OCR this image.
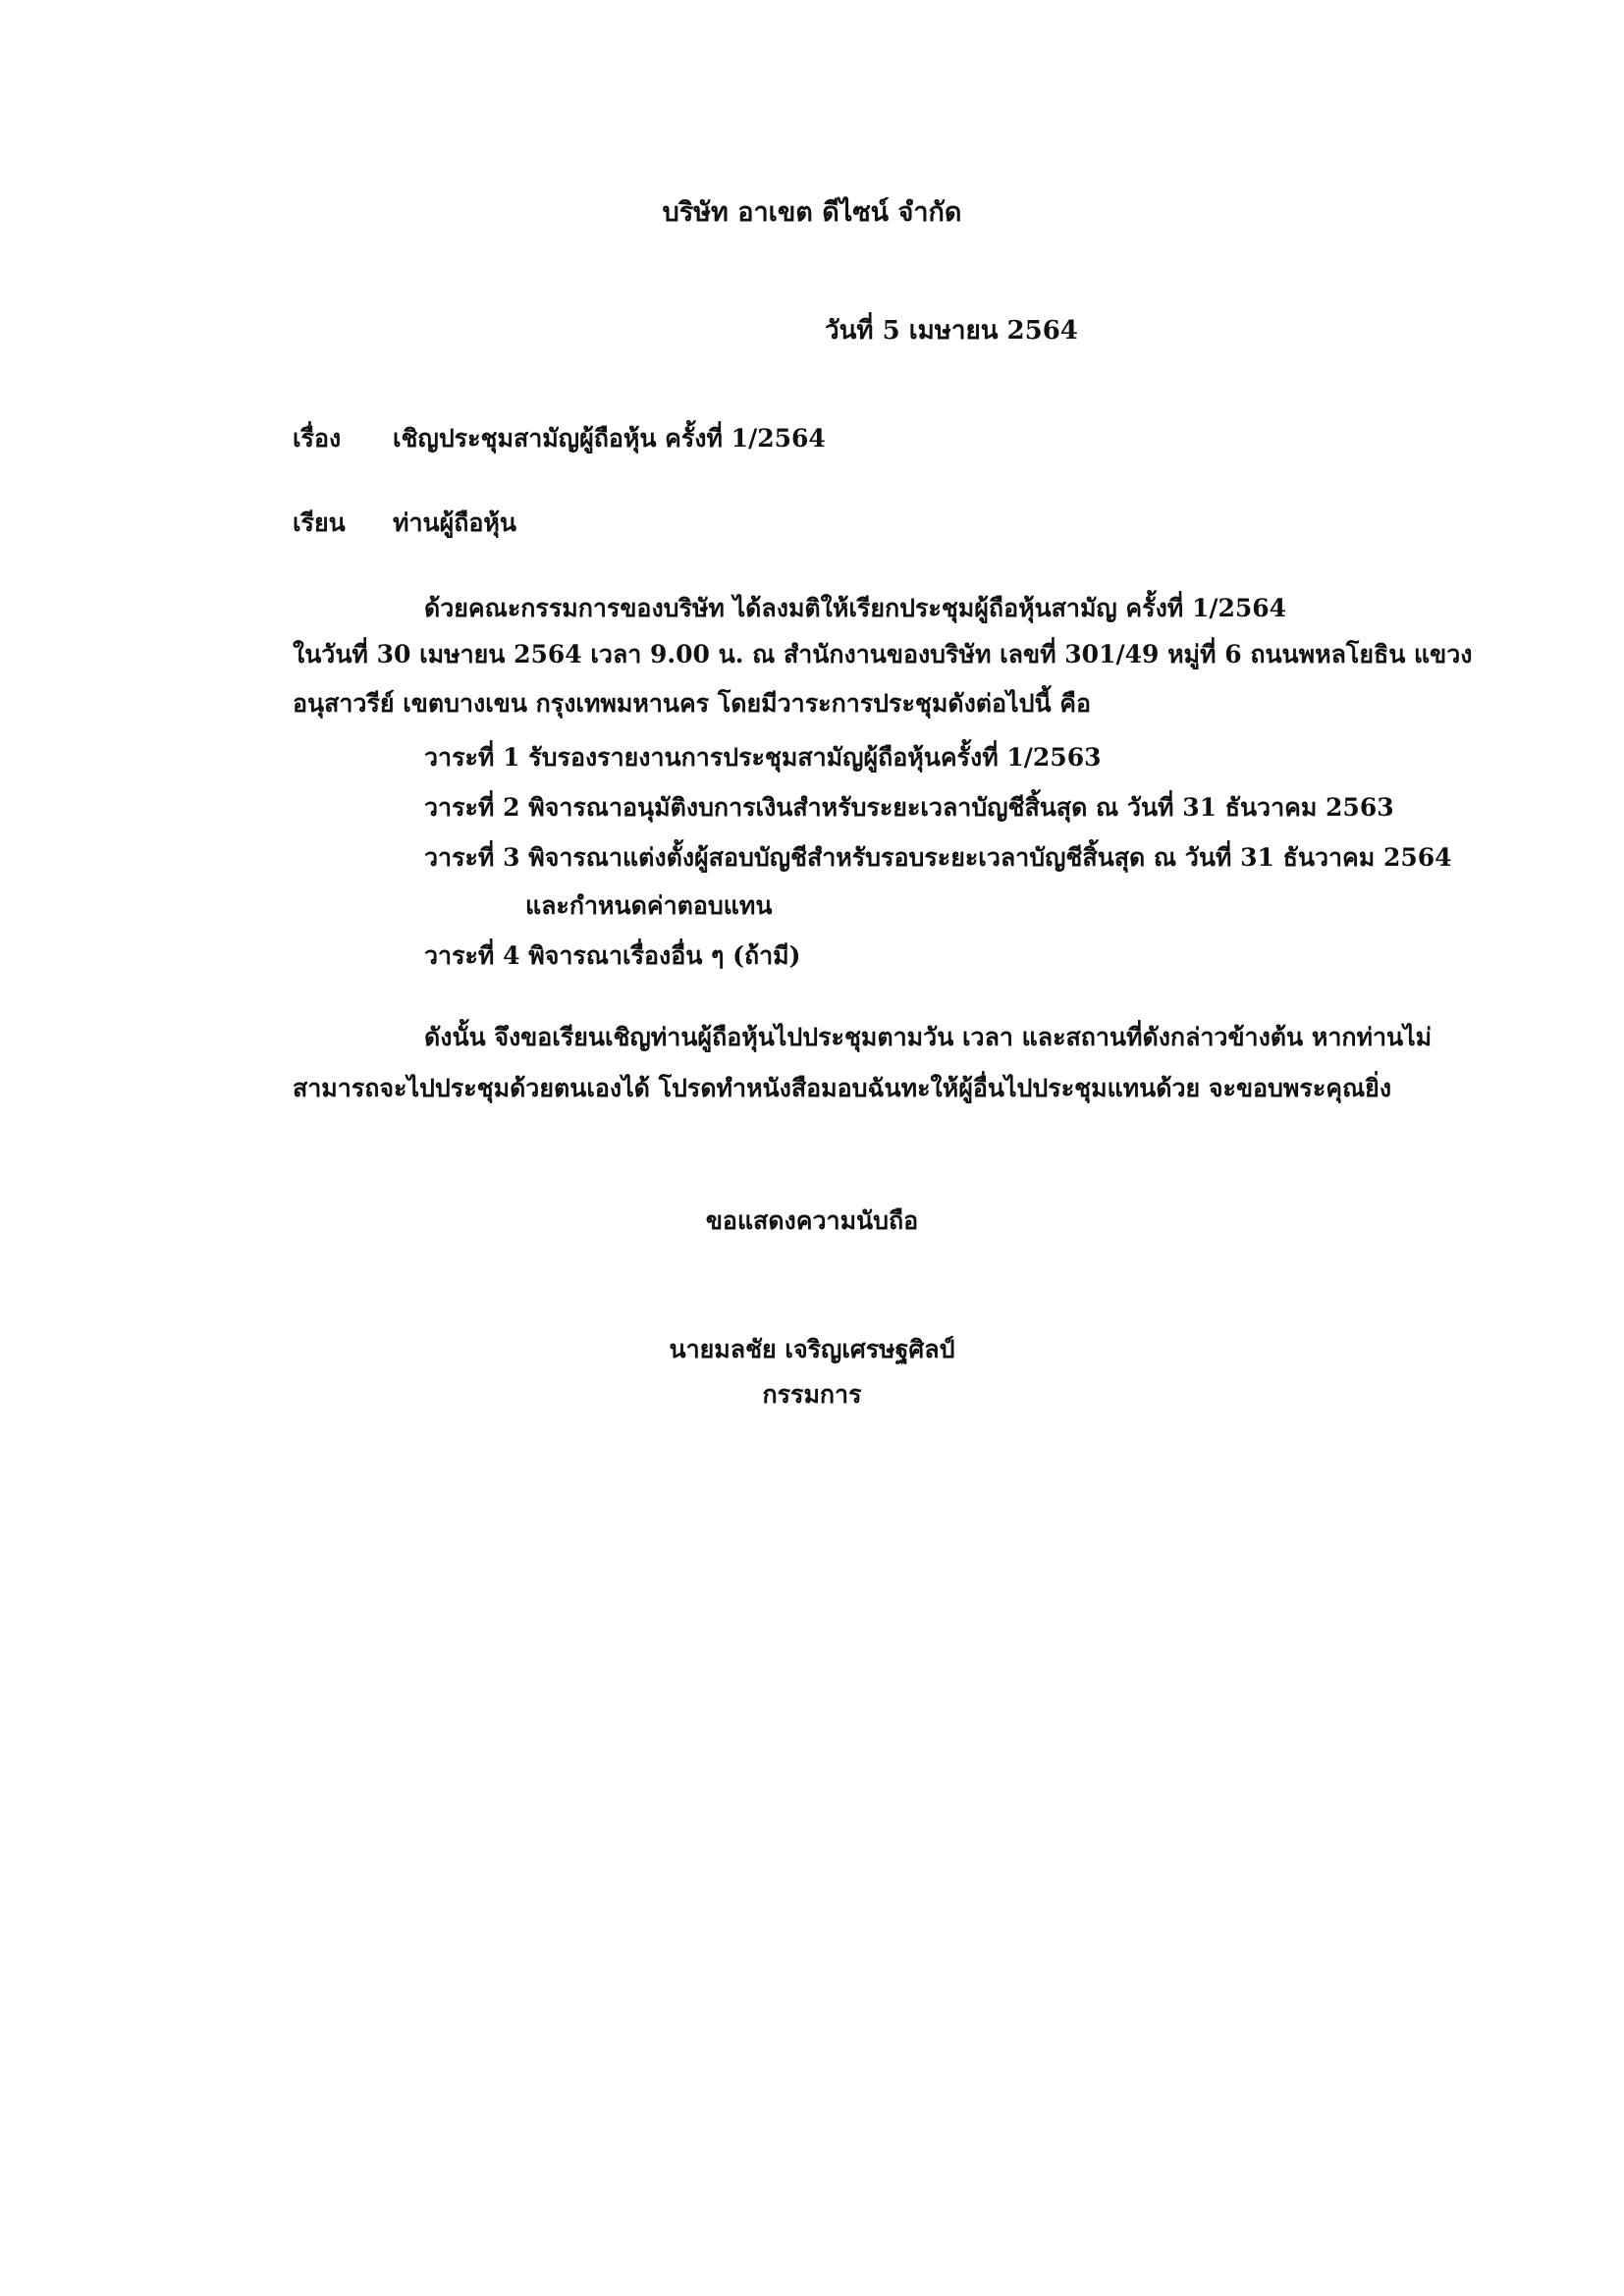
บริษัท อาเขต ดีไซน์ จำกัด
วันที่ 5 เมษายน 2564
เรื่อง เชิญประชุมสามัญผู้ถือหุ้น ครั้งที่ 1/2564
เรียน ท่านผู้ถือหุ้น
ด้วยคณะกรรมการของบริษัท ได้ลงมติให้เรียกประชุมผู้ถือหุ้นสามัญ ครั้งที่ 1/2564
ในวันที่ 30 เมษายน 2564 เวลา 9.00 น. ณ สำนักงานของบริษัท เลขที่ 301/49 หมู่ที่ 6 ถนนพหลโยธิน แขวง
อนุสาวรีย์ เขตบางเขน กรุงเทพมหานคร โดยมีวาระการประชุมดังต่อไปนี้ คือ
วาระที่ 1 รับรองรายงานการประชุมสามัญผู้ถือหุ้นครั้งที่ 1/2563
วาระที่ 2 พิจารณาอนุมัติงบการเงินสำหรับระยะเวลาบัญชีสิ้นสุด ณ วันที่ 31 ธันวาคม 2563
วาระที่ 3 พิจารณาแต่งตั้งผู้สอบบัญชีสำหรับรอบระยะเวลาบัญชีสิ้นสุด ณ วันที่ 31 ธันวาคม 2564
และกำหนดค่าตอบแทน
วาระที่ 4 พิจารณาเรื่องอื่น ๆ (ถ้ามี)
ดังนั้น จึงขอเรียนเชิญท่านผู้ถือหุ้นไปประชุมตามวัน เวลา และสถานที่ดังกล่าวข้างต้น หากท่านไม่
สามารถจะไปประชุมด้วยตนเองได้ โปรดทำหนังสือมอบฉันทะให้ผู้อื่นไปประชุมแทนด้วย จะขอบพระคุณยิ่ง
ขอแสดงความนับถือ
นายมลชัย เจริญเศรษฐศิลป์
กรรมการ
